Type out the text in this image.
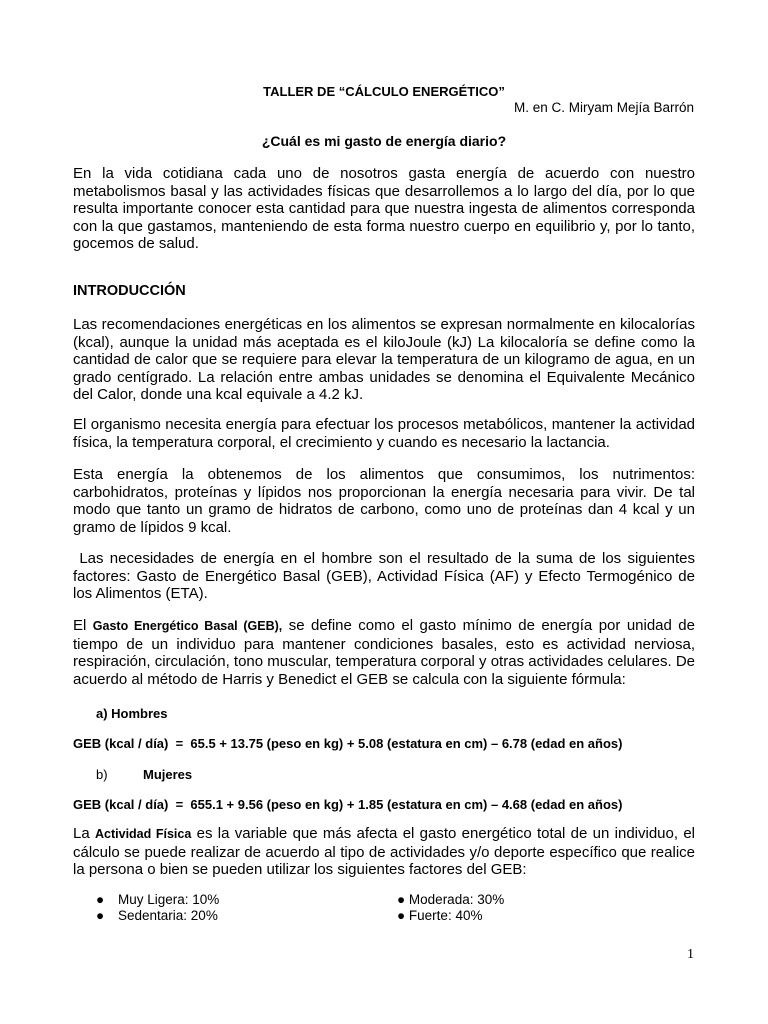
TALLER DE “CÁLCULO ENERGÉTICO”

M. en C. Miryam Mejía Barrón

¿Cuál es mi gasto de energía diario?

En la vida cotidiana cada uno de nosotros gasta energía de acuerdo con nuestro metabolismos basal y las actividades físicas que desarrollemos a lo largo del día, por lo que resulta importante conocer esta cantidad para que nuestra ingesta de alimentos corresponda con la que gastamos, manteniendo de esta forma nuestro cuerpo en equilibrio y, por lo tanto, gocemos de salud.

INTRODUCCIÓN

Las recomendaciones energéticas en los alimentos se expresan normalmente en kilocalorías (kcal), aunque la unidad más aceptada es el kiloJoule (kJ) La kilocaloría se define como la cantidad de calor que se requiere para elevar la temperatura de un kilogramo de agua, en un grado centígrado. La relación entre ambas unidades se denomina el Equivalente Mecánico del Calor, donde una kcal equivale a 4.2 kJ.

El organismo necesita energía para efectuar los procesos metabólicos, mantener la actividad física, la temperatura corporal, el crecimiento y cuando es necesario la lactancia.

Esta energía la obtenemos de los alimentos que consumimos, los nutrimentos: carbohidratos, proteínas y lípidos nos proporcionan la energía necesaria para vivir. De tal modo que tanto un gramo de hidratos de carbono, como uno de proteínas dan 4 kcal y un gramo de lípidos 9 kcal.

Las necesidades de energía en el hombre son el resultado de la suma de los siguientes factores: Gasto de Energético Basal (GEB), Actividad Física (AF) y Efecto Termogénico de los Alimentos (ETA).

El Gasto Energético Basal (GEB), se define como el gasto mínimo de energía por unidad de tiempo de un individuo para mantener condiciones basales, esto es actividad nerviosa, respiración, circulación, tono muscular, temperatura corporal y otras actividades celulares. De acuerdo al método de Harris y Benedict el GEB se calcula con la siguiente fórmula:

a) Hombres

GEB (kcal / día)  =  65.5 + 13.75 (peso en kg) + 5.08 (estatura en cm) – 6.78 (edad en años)

b)	Mujeres

GEB (kcal / día)  =  655.1 + 9.56 (peso en kg) + 1.85 (estatura en cm) – 4.68 (edad en años)

La Actividad Física es la variable que más afecta el gasto energético total de un individuo, el cálculo se puede realizar de acuerdo al tipo de actividades y/o deporte específico que realice la persona o bien se pueden utilizar los siguientes factores del GEB:

● Muy Ligera: 10%

● Sedentaria: 20%

● Moderada: 30%

● Fuerte: 40%

1
